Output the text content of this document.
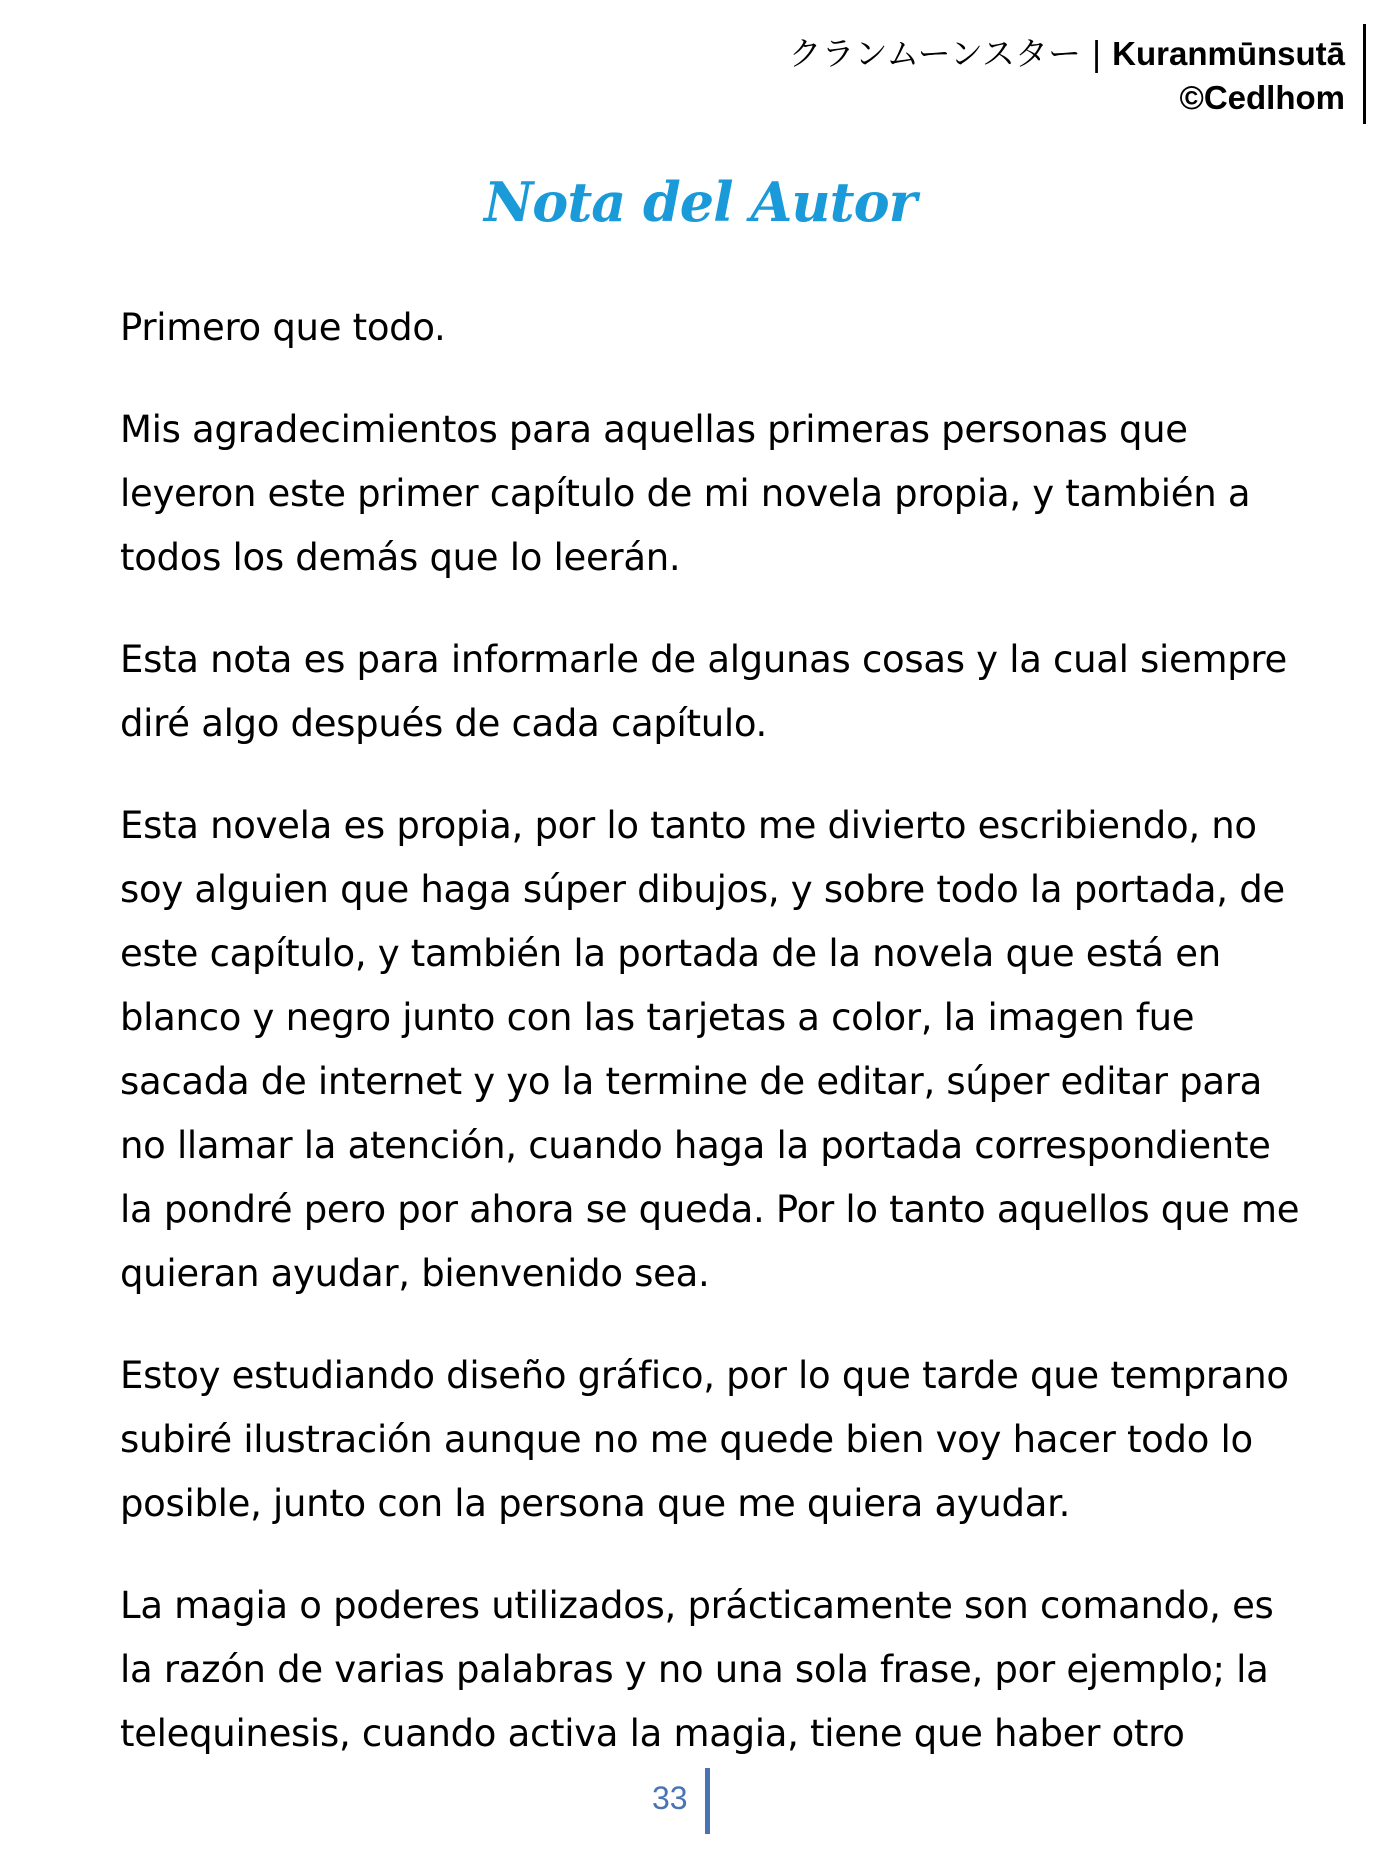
クランムーンスター | Kuranmūnsutā
©Cedlhom
Nota del Autor

Primero que todo.

Mis agradecimientos para aquellas primeras personas que leyeron este primer capítulo de mi novela propia, y también a todos los demás que lo leerán.

Esta nota es para informarle de algunas cosas y la cual siempre diré algo después de cada capítulo.

Esta novela es propia, por lo tanto me divierto escribiendo, no soy alguien que haga súper dibujos, y sobre todo la portada, de este capítulo, y también la portada de la novela que está en blanco y negro junto con las tarjetas a color, la imagen fue sacada de internet y yo la termine de editar, súper editar para no llamar la atención, cuando haga la portada correspondiente la pondré pero por ahora se queda. Por lo tanto aquellos que me quieran ayudar, bienvenido sea.

Estoy estudiando diseño gráfico, por lo que tarde que temprano subiré ilustración aunque no me quede bien voy hacer todo lo posible, junto con la persona que me quiera ayudar.

La magia o poderes utilizados, prácticamente son comando, es la razón de varias palabras y no una sola frase, por ejemplo; la telequinesis, cuando activa la magia, tiene que haber otro

33
